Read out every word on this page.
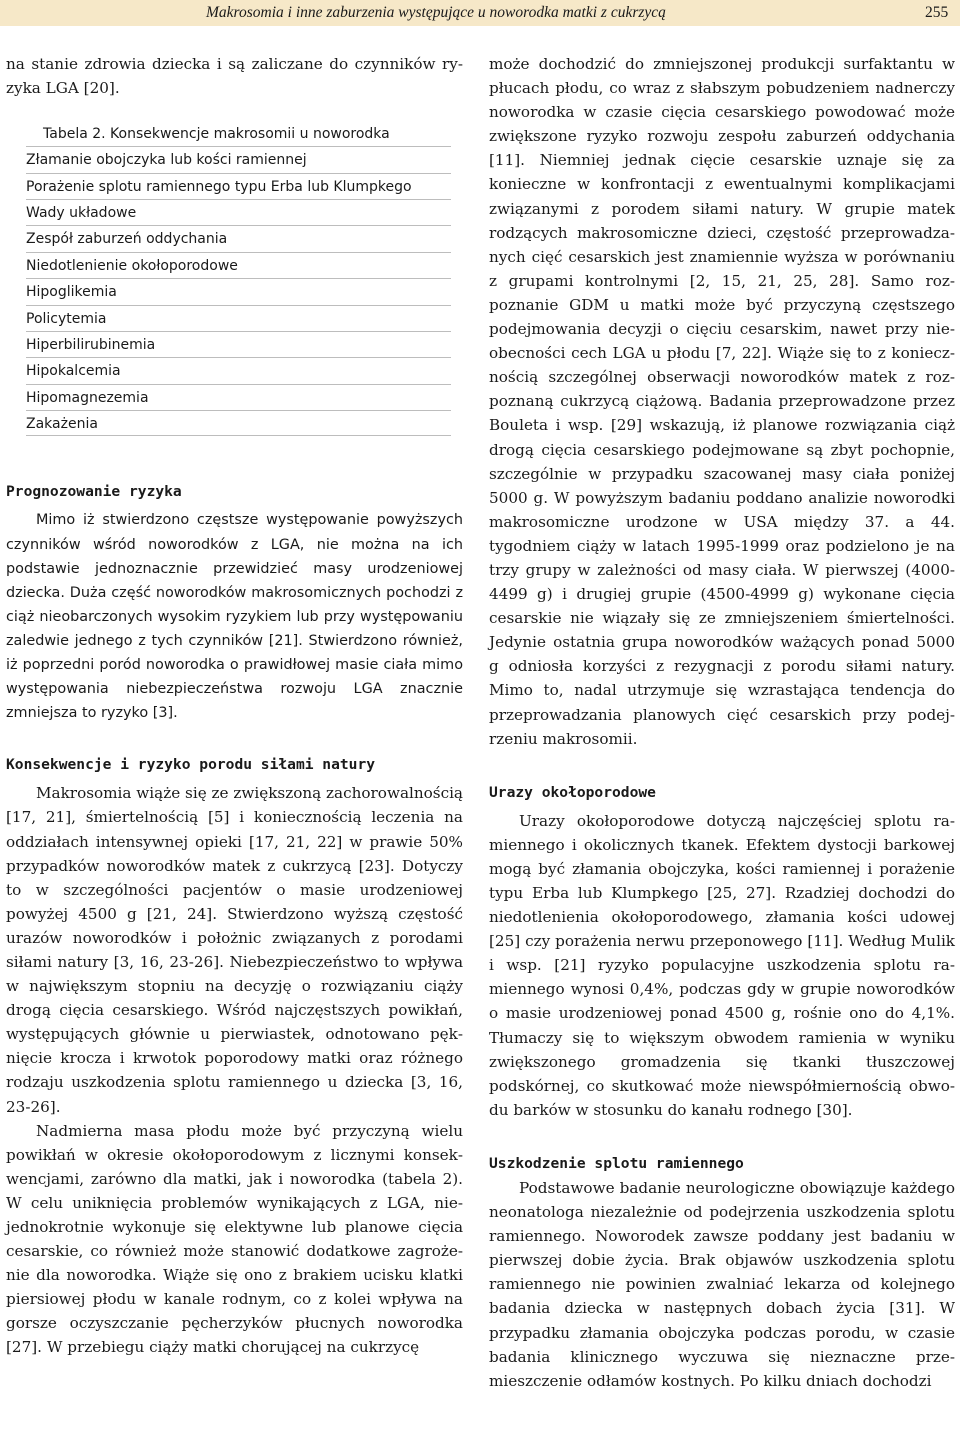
Makrosomia i inne zaburzenia występujące u noworodka matki z cukrzycą	255

na stanie zdrowia dziecka i są zaliczane do czynników ryzyka LGA [20].

Tabela 2. Konsekwencje makrosomii u noworodka
Złamanie obojczyka lub kości ramiennej
Porażenie splotu ramiennego typu Erba lub Klumpkego
Wady układowe
Zespół zaburzeń oddychania
Niedotlenienie okołoporodowe
Hipoglikemia
Policytemia
Hiperbilirubinemia
Hipokalcemia
Hipomagnezemia
Zakażenia
Prognozowanie ryzyka

Mimo iż stwierdzono częstsze występowanie powyższych czynników wśród noworodków z LGA, nie można na ich podstawie jednoznacznie przewidzieć masy urodzeniowej dziecka. Duża część noworodków makrosomicznych pochodzi z ciąż nieobarczonych wysokim ryzykiem lub przy występowaniu zaledwie jednego z tych czynników [21]. Stwierdzono również, iż poprzedni poród noworodka o prawidłowej masie ciała mimo występowania niebezpieczeństwa rozwoju LGA znacznie zmniejsza to ryzyko [3].

Konsekwencje i ryzyko porodu siłami natury

Makrosomia wiąże się ze zwiększoną zachorowalnością [17, 21], śmiertelnością [5] i koniecznością leczenia na oddziałach intensywnej opieki [17, 21, 22] w prawie 50% przypadków noworodków matek z cukrzycą [23]. Dotyczy to w szczególności pacjentów o masie urodzeniowej powyżej 4500 g [21, 24]. Stwierdzono wyższą częstość urazów noworodków i położnic związanych z porodami siłami natury [3, 16, 23-26]. Niebezpieczeństwo to wpływa w największym stopniu na decyzję o rozwiązaniu ciąży drogą cięcia cesarskiego. Wśród najczęstszych powikłań, występujących głównie u pierwiastek, odnotowano pęknięcie krocza i krwotok poporodowy matki oraz różnego rodzaju uszkodzenia splotu ramiennego u dziecka [3, 16, 23-26].

Nadmierna masa płodu może być przyczyną wielu powikłań w okresie okołoporodowym z licznymi konsekwencjami, zarówno dla matki, jak i noworodka (tabela 2). W celu uniknięcia problemów wynikających z LGA, niejednokrotnie wykonuje się elektywne lub planowe cięcia cesarskie, co również może stanowić dodatkowe zagrożenie dla noworodka. Wiąże się ono z brakiem ucisku klatki piersiowej płodu w kanale rodnym, co z kolei wpływa na gorsze oczyszczanie pęcherzyków płucnych noworodka [27]. W przebiegu ciąży matki chorującej na cukrzycę

może dochodzić do zmniejszonej produkcji surfaktantu w płucach płodu, co wraz z słabszym pobudzeniem nadnerczy noworodka w czasie cięcia cesarskiego powodować może zwiększone ryzyko rozwoju zespołu zaburzeń oddychania [11]. Niemniej jednak cięcie cesarskie uznaje się za konieczne w konfrontacji z ewentualnymi komplikacjami związanymi z porodem siłami natury. W grupie matek rodzących makrosomiczne dzieci, częstość przeprowadzanych cięć cesarskich jest znamiennie wyższa w porównaniu z grupami kontrolnymi [2, 15, 21, 25, 28]. Samo rozpoznanie GDM u matki może być przyczyną częstszego podejmowania decyzji o cięciu cesarskim, nawet przy nieobecności cech LGA u płodu [7, 22]. Wiąże się to z koniecznością szczególnej obserwacji noworodków matek z rozpoznaną cukrzycą ciążową. Badania przeprowadzone przez Bouleta i wsp. [29] wskazują, iż planowe rozwiązania ciąż drogą cięcia cesarskiego podejmowane są zbyt pochopnie, szczególnie w przypadku szacowanej masy ciała poniżej 5000 g. W powyższym badaniu poddano analizie noworodki makrosomiczne urodzone w USA między 37. a 44. tygodniem ciąży w latach 1995-1999 oraz podzielono je na trzy grupy w zależności od masy ciała. W pierwszej (4000-4499 g) i drugiej grupie (4500-4999 g) wykonane cięcia cesarskie nie wiązały się ze zmniejszeniem śmiertelności. Jedynie ostatnia grupa noworodków ważących ponad 5000 g odniosła korzyści z rezygnacji z porodu siłami natury. Mimo to, nadal utrzymuje się wzrastająca tendencja do przeprowadzania planowych cięć cesarskich przy podejrzeniu makrosomii.

Urazy okołoporodowe

Urazy okołoporodowe dotyczą najczęściej splotu ramiennego i okolicznych tkanek. Efektem dystocji barkowej mogą być złamania obojczyka, kości ramiennej i porażenie typu Erba lub Klumpkego [25, 27]. Rzadziej dochodzi do niedotlenienia okołoporodowego, złamania kości udowej [25] czy porażenia nerwu przeponowego [11]. Według Mulik i wsp. [21] ryzyko populacyjne uszkodzenia splotu ramiennego wynosi 0,4%, podczas gdy w grupie noworodków o masie urodzeniowej ponad 4500 g, rośnie ono do 4,1%. Tłumaczy się to większym obwodem ramienia w wyniku zwiększonego gromadzenia się tkanki tłuszczowej podskórnej, co skutkować może niewspółmiernością obwodu barków w stosunku do kanału rodnego [30].

Uszkodzenie splotu ramiennego

Podstawowe badanie neurologiczne obowiązuje każdego neonatologa niezależnie od podejrzenia uszkodzenia splotu ramiennego. Noworodek zawsze poddany jest badaniu w pierwszej dobie życia. Brak objawów uszkodzenia splotu ramiennego nie powinien zwalniać lekarza od kolejnego badania dziecka w następnych dobach życia [31]. W przypadku złamania obojczyka podczas porodu, w czasie badania klinicznego wyczuwa się nieznaczne przemieszczenie odłamów kostnych. Po kilku dniach dochodzi
